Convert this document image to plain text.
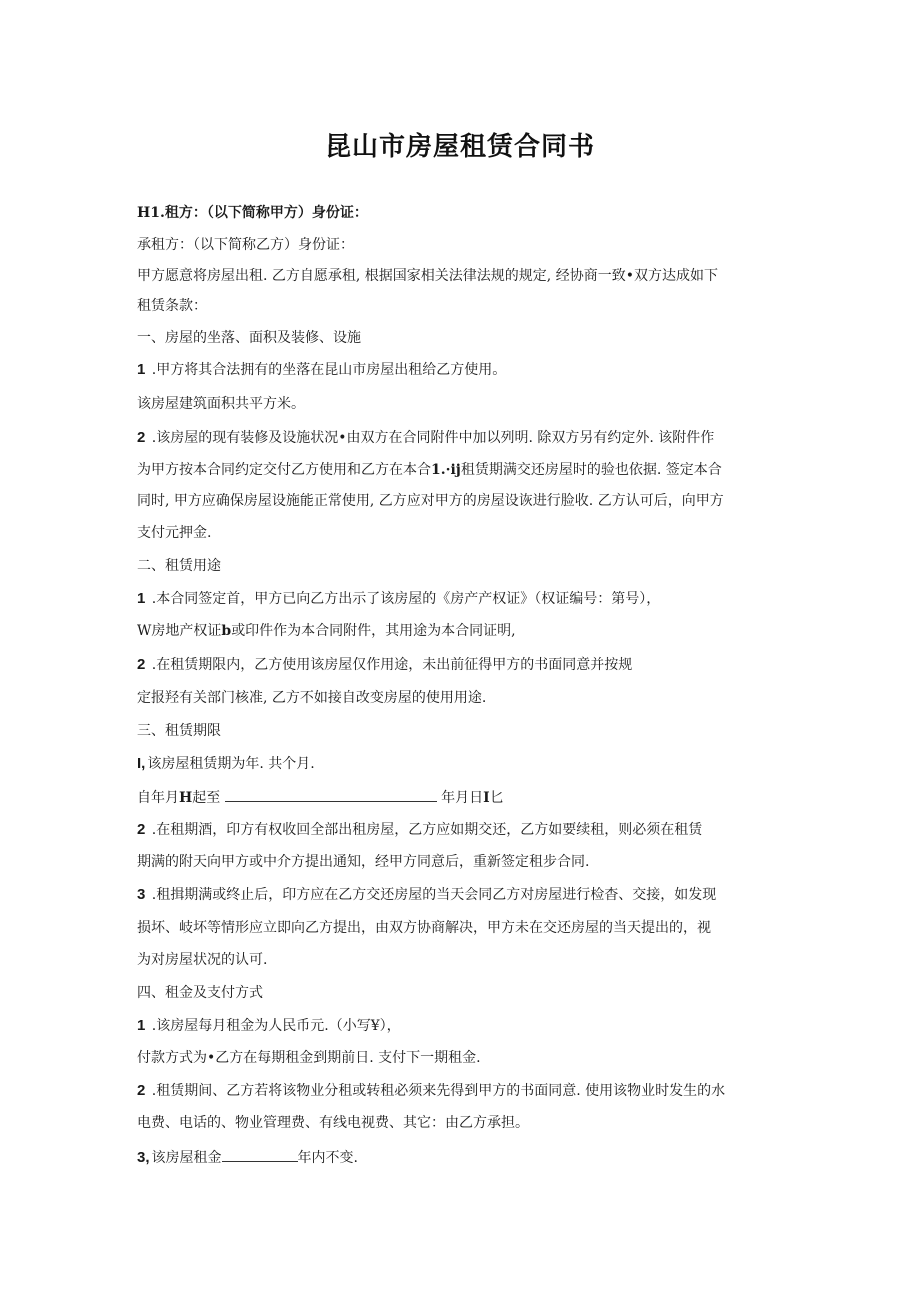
昆山市房屋租赁合同书
H1.租方：（以下简称甲方）身份证：
承租方：（以下简称乙方）身份证：
甲方愿意将房屋出租. 乙方自愿承租, 根据国家相关法律法规的规定, 经协商一致•双方达成如下
租赁条款：
一、房屋的坐落、面积及装修、设施
1 .甲方将其合法拥有的坐落在昆山市房屋出租给乙方使用。
该房屋建筑面积共平方米。
2 .该房屋的现有装修及设施状况•由双方在合同附件中加以列明. 除双方另有约定外. 该附件作
为甲方按本合同约定交付乙方使用和乙方在本合1.·ij租赁期满交还房屋时的验也依据. 签定本合
同时, 甲方应确保房屋设施能正常使用, 乙方应对甲方的房屋设诙进行脸收. 乙方认可后，向甲方
支付元押金.
二、租赁用途
1 .本合同签定首，甲方已向乙方出示了该房屋的《房产产权证》（权证编号：第号），
W房地产权证b或印件作为本合同附件，其用途为本合同证明,
2 .在租赁期限内，乙方使用该房屋仅作用途，未出前征得甲方的书面同意并按规
定报羟有关部门核准, 乙方不如接自改变房屋的使用用途.
三、租赁期限
I, 该房屋租赁期为年. 共个月.
自年月H起至	年月日I匕
2 .在租期酒，印方有权收回全部出租房屋，乙方应如期交还，乙方如要续租，则必须在租赁
期满的附天向甲方或中介方提出通知，经甲方同意后，重新签定租步合同.
3 .租揖期满或终止后，印方应在乙方交还房屋的当天会同乙方对房屋进行检杳、交接，如发现
损坏、岐坏等情形应立即向乙方提出，由双方协商解决，甲方未在交还房屋的当天提出的，视
为对房屋状况的认可.
四、租金及支付方式
1 .该房屋每月租金为人民币元.（小写¥），
付款方式为•乙方在每期租金到期前日. 支付下一期租金.
2 .租赁期间、乙方若将该物业分租或转租必须来先得到甲方的书面同意. 使用该物业时发生的水
电费、电话的、物业管理费、有线电视费、其它：由乙方承担。
3, 该房屋租金	年内不变.
